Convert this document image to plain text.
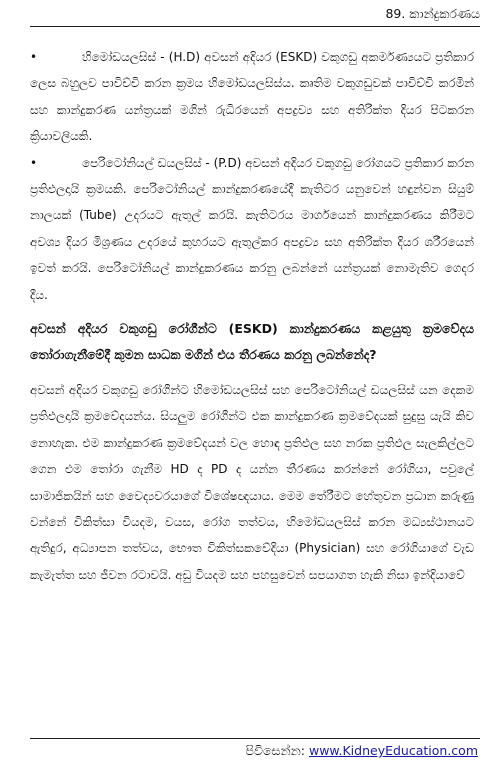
89. කාන්දුකරණය

•	හිමෝඩයලසිස් - (H.D) අවසන් අදියර (ESKD) වකුගඩු අකර්මණ්‍යයට ප්‍රතිකාර ලෙස බහුලව පාවිච්චි කරන ක්‍රමය හිමෝඩයලසිස්ය. කෘතිම වකුගඩුවක් පාවිච්චි කරමින් සහ කාන්දුකරණ යන්ත්‍රයක් මගින් රුධිරයෙන් අපද්‍රව්‍ය සහ අතිරික්ත දියර පිටකරන ක්‍රියාවලියකි.

•	පෙරිටෝනියල් ඩයලසිස් - (P.D) අවසන් අදියර වකුගඩු රෝගයට ප්‍රතිකාර කරන ප්‍රතිඵලදායි ක්‍රමයකි. පෙරිටෝනියල් කාන්දුකරණයේදී කැතිටර යනුවෙන් හඳුන්වන සියුම් නාලයක් (Tube) උදරයට ඇතුල් කරයි. කැතිටරය මාර්ගයෙන් කාන්දුකරණය කිරීමට අවශ්‍ය දියර මිශ්‍රණය උදරයේ කුහරයට ඇතුල්කර අපද්‍රව්‍ය සහ අතිරික්ත දියර ශරීරයෙන් ඉවත් කරයි. පෙරිටෝනියල් කාන්දුකරණය කරනු ලබන්නේ යන්ත්‍රයක් නොමැතිව ගෙදර දීය.

අවසන් අදියර වකුගඩු රෝගීන්ට (ESKD) කාන්දුකරණය කළයුතු ක්‍රමවේදය තෝරාගැනීමේදී කුමන සාධක මගින් එය තීරණය කරනු ලබන්නේද?

අවසන් අදියර වකුගඩු රෝගීන්ට හිමෝඩයලසිස් සහ පෙරිටෝනියල් ඩයලසිස් යන දෙකම ප්‍රතිඵලදායි ක්‍රමවේදයන්ය. සියලුම රෝගීන්ට එක කාන්දුකරණ ක්‍රමවේදයක් සුදුසු යැයි කිව නොහැක. එම කාන්දුකරණ ක්‍රමවේදයන් වල හොඳ ප්‍රතිඵල සහ නරක ප්‍රතිඵල සැලකිල්ලට ගෙන එම තෝරා ගැනීම HD ද PD ද යන්න තීරණය කරන්නේ රෝගියා, පවුලේ සාමාජිකයින් සහ වෛද්‍යවරයාගේ විශේෂඥයාය. මෙම තේරීමට හේතුවන ප්‍රධාන කරුණු වන්නේ චිකිත්සා වියදම, වයස, රෝග තත්වය, හිමෝඩයලසිස් කරන මධ්‍යස්ථානයට ඇතිදුර, අධ්‍යාපන තත්වය, භෞත චිකිත්සකවේදියා (Physician) සහ රෝගියාගේ වැඩ කැමැත්ත සහ ජීවන රටාවයි. අඩු වියදම සහ පහසුවෙන් සපයාගත හැකි නිසා ඉන්දියාවේ

පිවිසෙන්න: www.KidneyEducation.com
